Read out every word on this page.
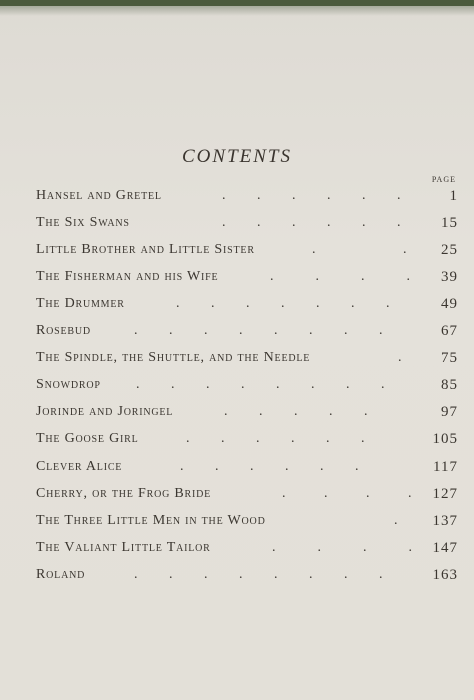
CONTENTS
PAGE
Hansel and Gretel	.         .         .         .         .         .	1
The Six Swans	.         .         .         .         .         .	15
Little Brother and Little Sister	.                         . 25
The Fisherman and his Wife	.            .            .            . 39
The Drummer	.         .         .         .         .         .         .	49
Rosebud	.         .         .         .         .         .         .         .	67
The Spindle, the Shuttle, and the Needle	.	75
Snowdrop	.         .         .         .         .         .         .         .	85
Jorinde and Joringel	.         .         .         .         .	97
The Goose Girl	.         .         .         .         .         .	105
Clever Alice	.         .         .         .         .         .	117
Cherry, or the Frog Bride	.           .           .           . 127
The Three Little Men in the Wood	. 137
The Valiant Little Tailor	.            .            .            . 147
Roland	.         .         .         .         .         .         .         .	163
